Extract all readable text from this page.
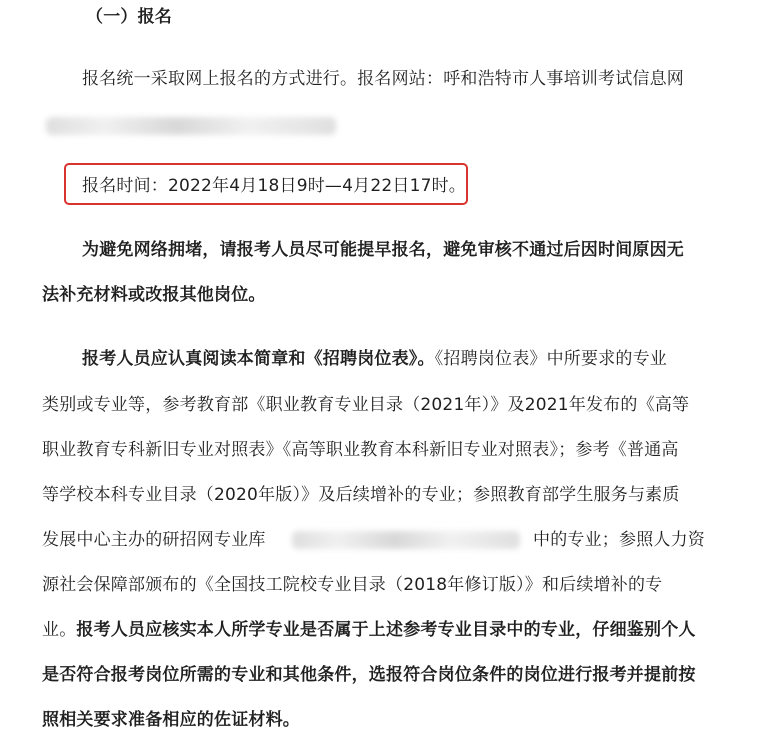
（一）报名
报名统一采取网上报名的方式进行。报名网站：呼和浩特市人事培训考试信息网
报名时间：2022年4月18日9时—4月22日17时。
为避免网络拥堵，请报考人员尽可能提早报名，避免审核不通过后因时间原因无
法补充材料或改报其他岗位。
报考人员应认真阅读本简章和《招聘岗位表》。《招聘岗位表》中所要求的专业
类别或专业等，参考教育部《职业教育专业目录（2021年）》及2021年发布的《高等
职业教育专科新旧专业对照表》《高等职业教育本科新旧专业对照表》；参考《普通高
等学校本科专业目录（2020年版）》及后续增补的专业；参照教育部学生服务与素质
发展中心主办的研招网专业库	中的专业；参照人力资
源社会保障部颁布的《全国技工院校专业目录（2018年修订版）》和后续增补的专
业。报考人员应核实本人所学专业是否属于上述参考专业目录中的专业，仔细鉴别个人
是否符合报考岗位所需的专业和其他条件，选报符合岗位条件的岗位进行报考并提前按
照相关要求准备相应的佐证材料。
